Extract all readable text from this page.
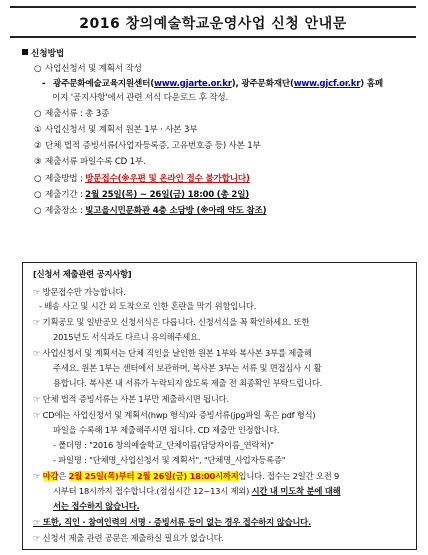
2016 창의예술학교운영사업 신청 안내문
신청방법
○ 사업신청서 및 계획서 작성
- 광주문화예술교육지원센터(www.gjarte.or.kr), 광주문화재단(www.gjcf.or.kr) 홈페
이지 '공지사항'에서 관련 서식 다운로드 후 작성.
○ 제출서류 : 총 3종
① 사업신청서 및 계획서 원본 1부 · 사본 3부
② 단체 법적 증빙서류(사업자등록증, 고유번호증 등) 사본 1부
③ 제출서류 파일수록 CD 1부.
○ 제출방법 : 방문접수(※우편 및 온라인 접수 불가합니다)
○ 제출기간 : 2월 25일(목) ~ 26일(금) 18:00 (총 2일)
○ 제출장소 : 빛고을시민문화관 4층 소담방 (※아래 약도 참조)
[신청서 제출관련 공지사항]
☞ 방문접수만 가능합니다.
- 배송 사고 및 시간 외 도착으로 인한 혼란을 막기 위함입니다.
☞ 기획공모 및 일반공모 신청서식은 다릅니다. 신청서식을 꼭 확인하세요. 또한
2015년도 서식과도 다르니 유의해주세요.
☞ 사업신청서 및 계획서는 단체 직인을 날인한 원본 1부와 복사본 3부를 제출해
주세요. 원본 1부는 센터에서 보관하며, 복사본 3부는 서류 및 면접심사 시 활
용합니다. 복사본 내 서류가 누락되지 않도록 제출 전 최종확인 부탁드립니다.
☞ 단체 법적 증빙서류는 사본 1부만 제출하시면 됩니다.
☞ CD에는 사업신청서 및 계획서(hwp 형식)와 증빙서류(jpg파일 혹은 pdf 형식)
파일을 수록해 1부 제출해주시면 됩니다. CD 제출만 인정합니다.
- 폴더명 : "2016 창의예술학교_단체이름(담당자이름_연락처)"
- 파일명 : "단체명_사업신청서 및 계획서", "단체명_사업자등록증"
☞ 마감은 2월 25일(목)부터 2월 26일(금) 18:00시까지입니다. 접수는 2일간 오전 9
시부터 18시까지 접수합니다.(점심시간 12~13시 제외) 시간 내 미도착 분에 대해
서는 접수하지 않습니다.
☞ 또한, 직인 · 참여인력의 서명 · 증빙서류 등이 없는 경우 접수하지 않습니다.
☞ 신청서 제출 관련 공문은 제출하실 필요가 없습니다.
